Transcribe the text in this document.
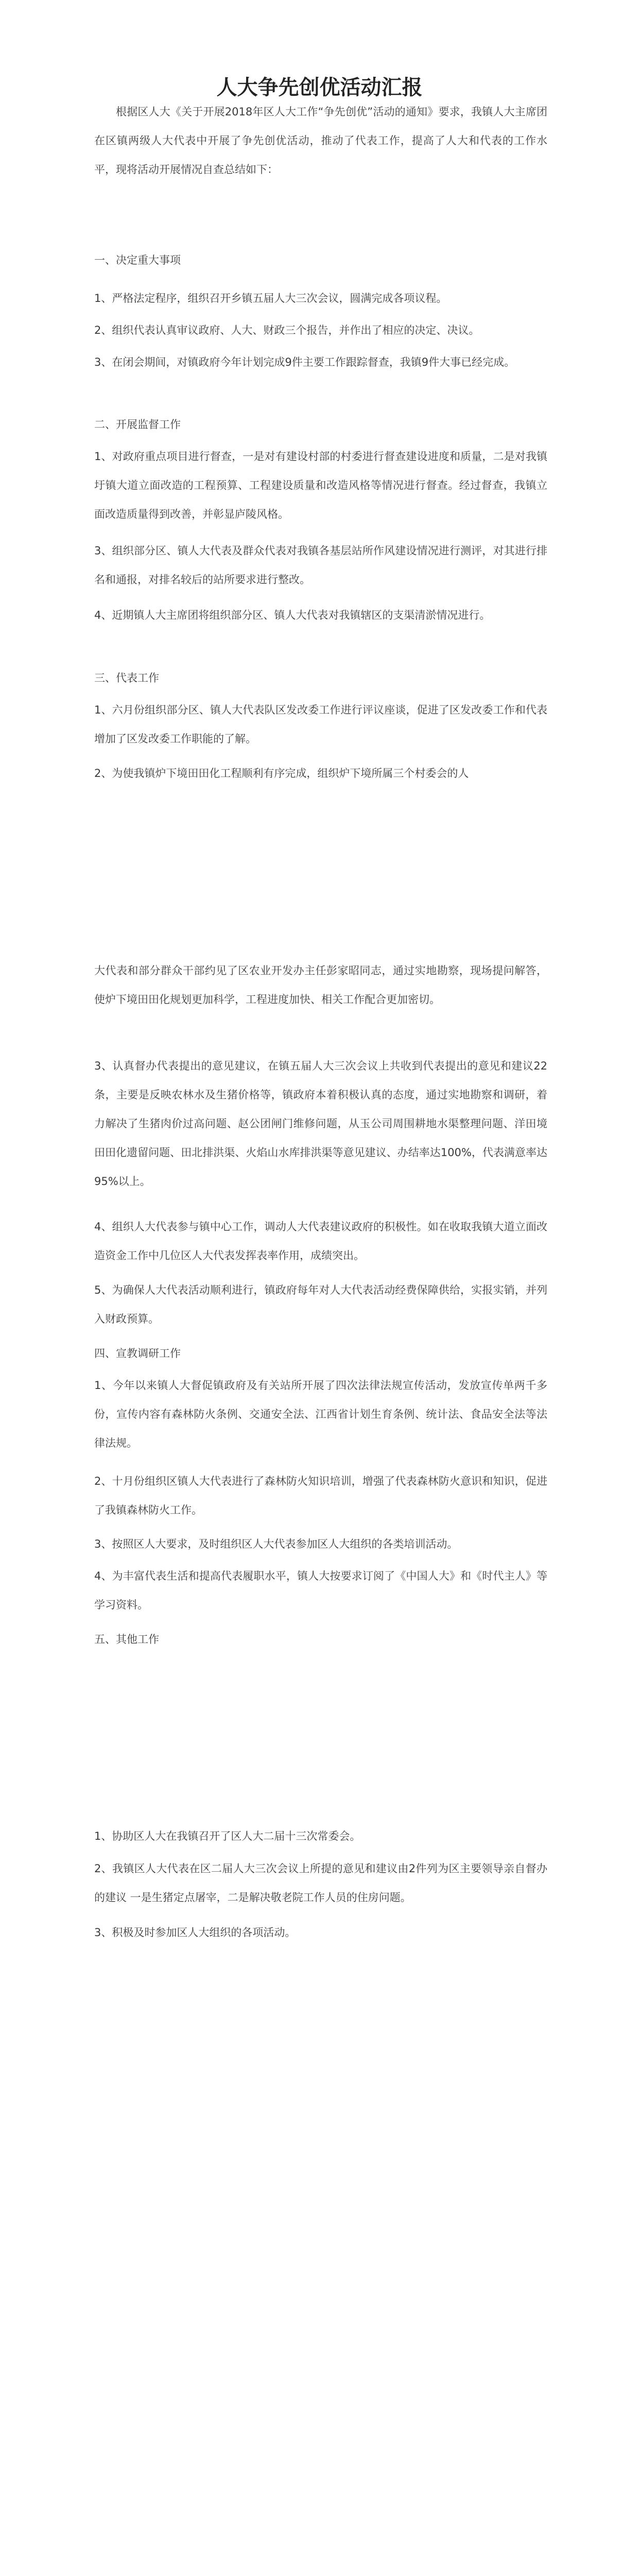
人大争先创优活动汇报

根据区人大《关于开展2018年区人大工作“争先创优”活动的通知》要求，我镇人大主席团在区镇两级人大代表中开展了争先创优活动，推动了代表工作，提高了人大和代表的工作水平，现将活动开展情况自查总结如下：

一、决定重大事项

1、严格法定程序，组织召开乡镇五届人大三次会议，圆满完成各项议程。

2、组织代表认真审议政府、人大、财政三个报告，并作出了相应的决定、决议。

3、在闭会期间，对镇政府今年计划完成9件主要工作跟踪督查，我镇9件大事已经完成。

二、开展监督工作

1、对政府重点项目进行督查，一是对有建设村部的村委进行督查建设进度和质量，二是对我镇圩镇大道立面改造的工程预算、工程建设质量和改造风格等情况进行督查。经过督查，我镇立面改造质量得到改善，并彰显庐陵风格。

3、组织部分区、镇人大代表及群众代表对我镇各基层站所作风建设情况进行测评，对其进行排名和通报，对排名较后的站所要求进行整改。

4、近期镇人大主席团将组织部分区、镇人大代表对我镇辖区的支渠清淤情况进行。

三、代表工作

1、六月份组织部分区、镇人大代表队区发改委工作进行评议座谈，促进了区发改委工作和代表增加了区发改委工作职能的了解。

2、为使我镇炉下境田田化工程顺利有序完成，组织炉下境所属三个村委会的人

大代表和部分群众干部约见了区农业开发办主任彭家昭同志，通过实地勘察，现场提问解答，使炉下境田田化规划更加科学，工程进度加快、相关工作配合更加密切。

3、认真督办代表提出的意见建议，在镇五届人大三次会议上共收到代表提出的意见和建议22条，主要是反映农林水及生猪价格等，镇政府本着积极认真的态度，通过实地勘察和调研，着力解决了生猪肉价过高问题、赵公团闸门维修问题，从玉公司周围耕地水渠整理问题、洋田境田田化遗留问题、田北排洪渠、火焰山水库排洪渠等意见建议、办结率达100%，代表满意率达95%以上。

4、组织人大代表参与镇中心工作，调动人大代表建议政府的积极性。如在收取我镇大道立面改造资金工作中几位区人大代表发挥表率作用，成绩突出。

5、为确保人大代表活动顺利进行，镇政府每年对人大代表活动经费保障供给，实报实销，并列入财政预算。

四、宣教调研工作

1、今年以来镇人大督促镇政府及有关站所开展了四次法律法规宣传活动，发放宣传单两千多份，宣传内容有森林防火条例、交通安全法、江西省计划生育条例、统计法、食品安全法等法律法规。

2、十月份组织区镇人大代表进行了森林防火知识培训，增强了代表森林防火意识和知识，促进了我镇森林防火工作。

3、按照区人大要求，及时组织区人大代表参加区人大组织的各类培训活动。

4、为丰富代表生活和提高代表履职水平，镇人大按要求订阅了《中国人大》和《时代主人》等学习资料。

五、其他工作

1、协助区人大在我镇召开了区人大二届十三次常委会。

2、我镇区人大代表在区二届人大三次会议上所提的意见和建议由2件列为区主要领导亲自督办的建议 一是生猪定点屠宰，二是解决敬老院工作人员的住房问题。

3、积极及时参加区人大组织的各项活动。
